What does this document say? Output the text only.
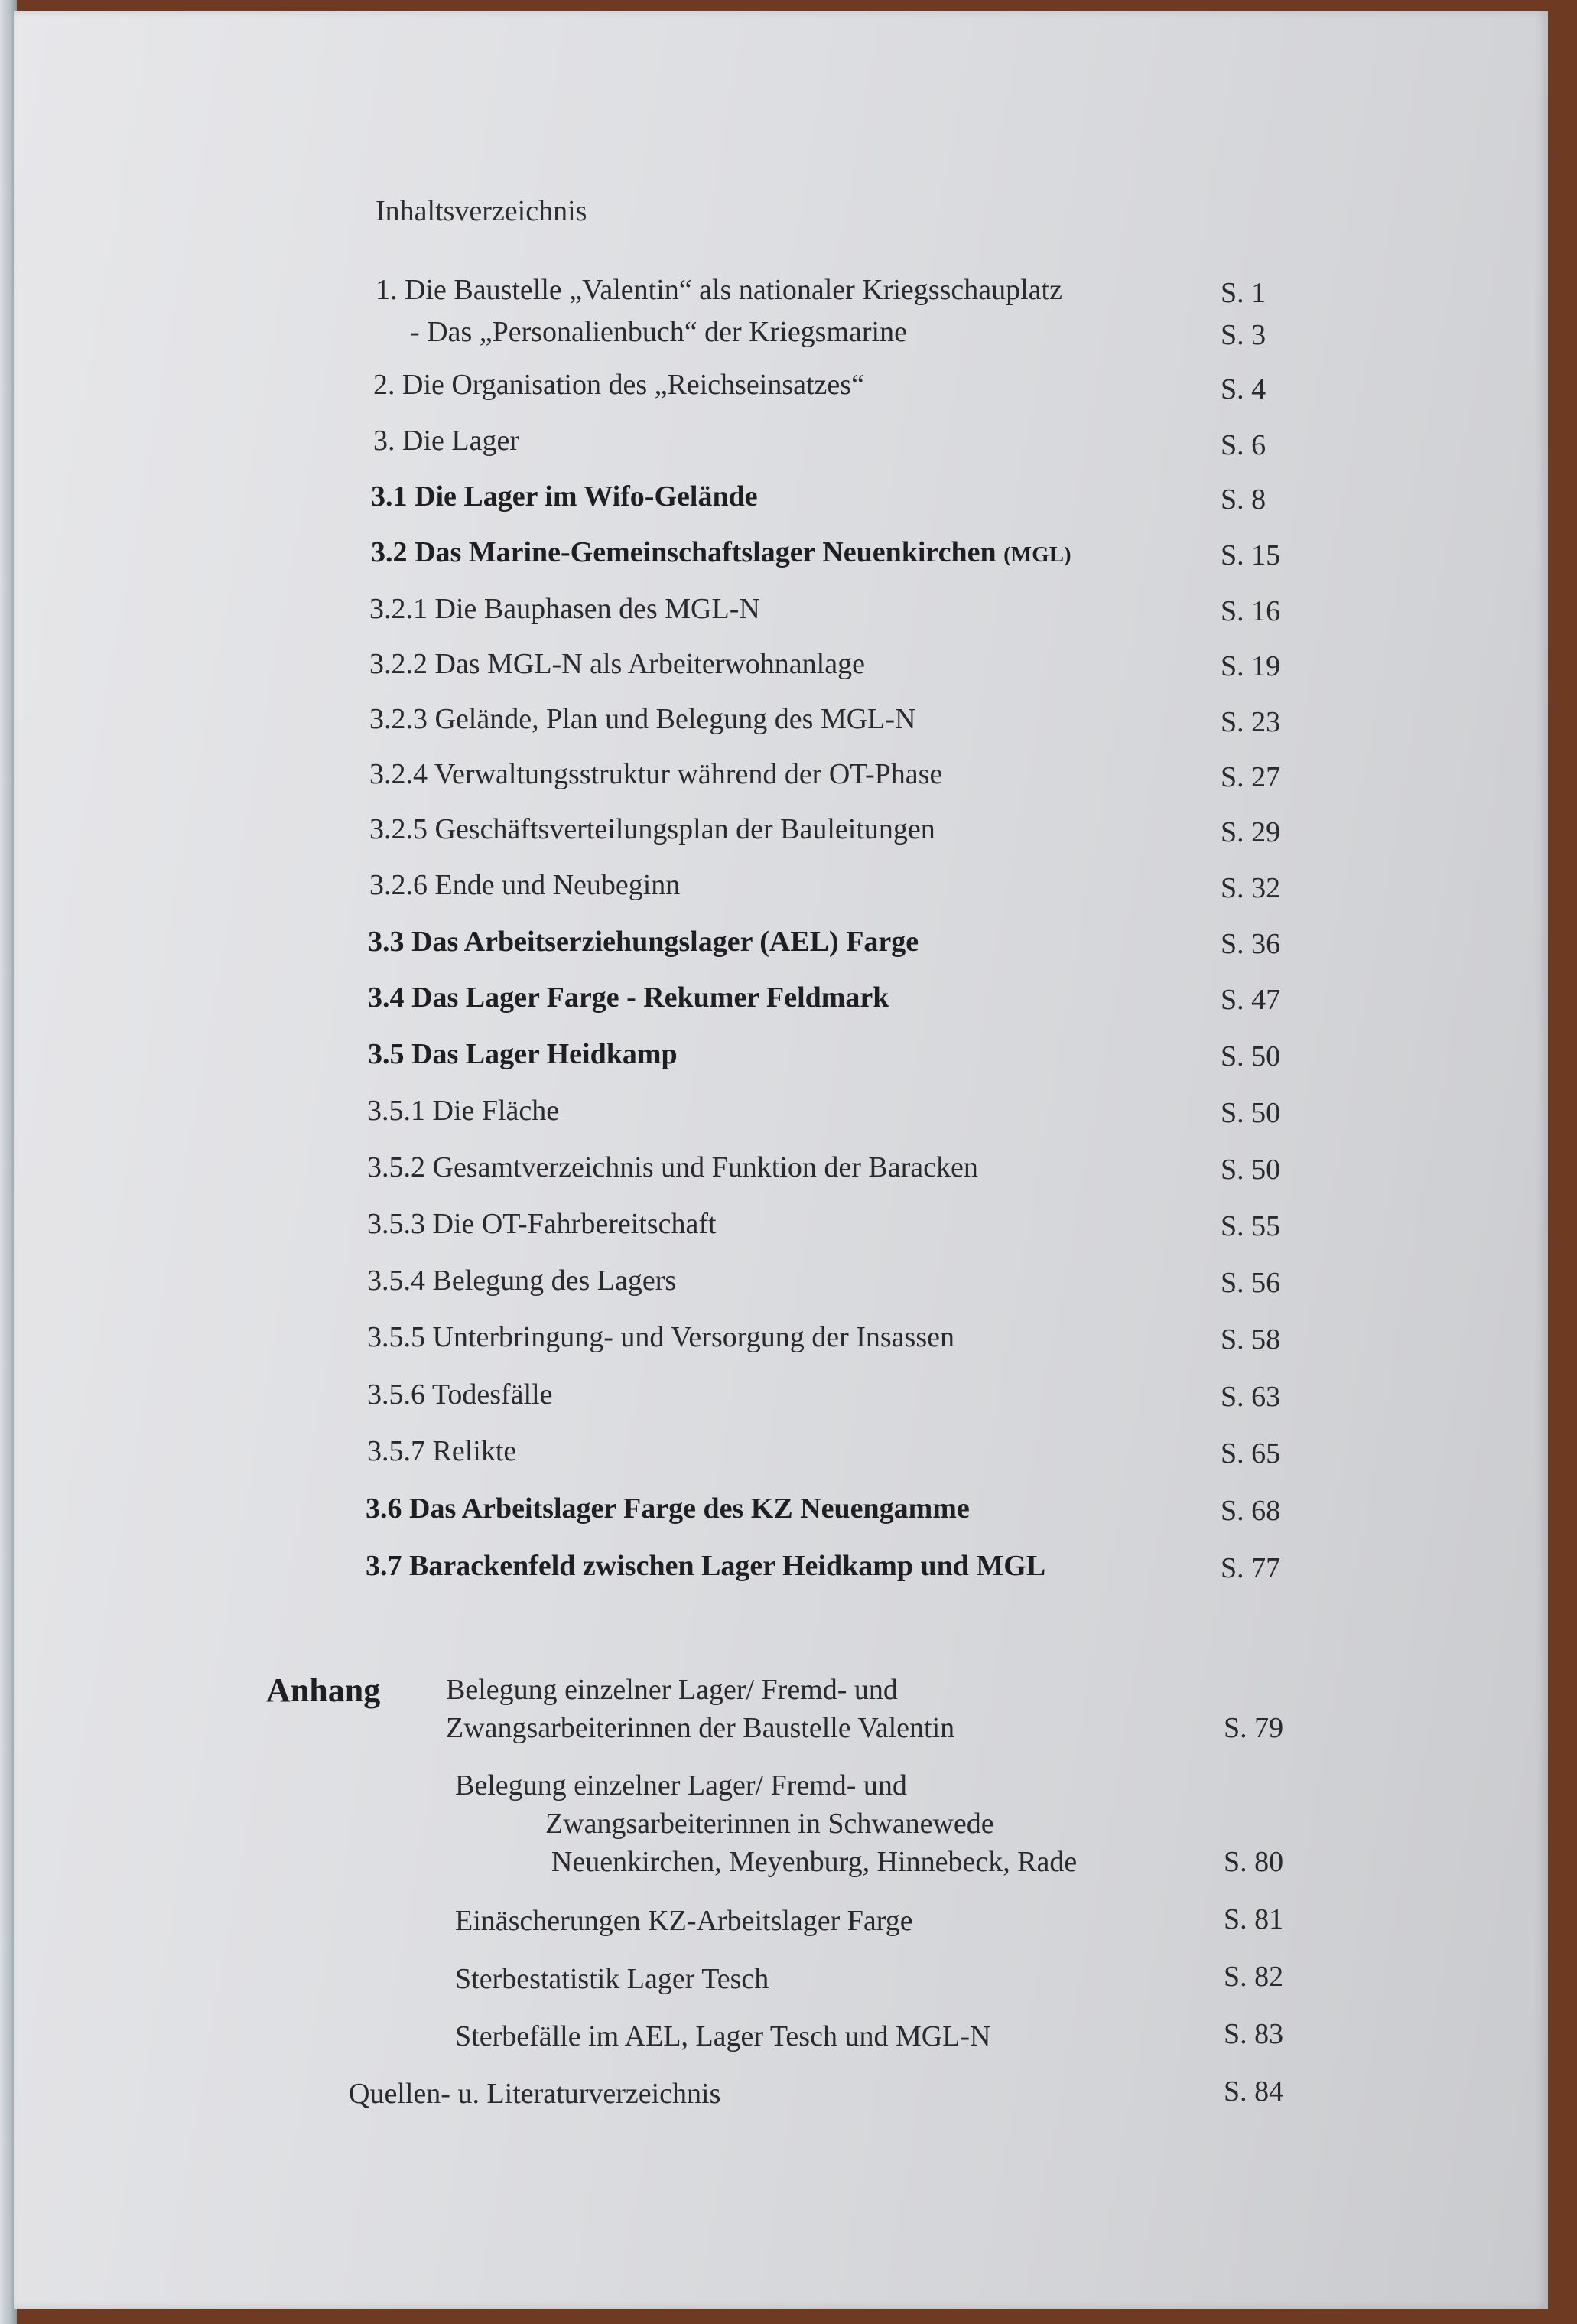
Inhaltsverzeichnis
1. Die Baustelle „Valentin“ als nationaler Kriegsschauplatz	S. 1
- Das „Personalienbuch“ der Kriegsmarine	S. 3
2. Die Organisation des „Reichseinsatzes“	S. 4
3. Die Lager	S. 6
3.1 Die Lager im Wifo-Gelände	S. 8
3.2 Das Marine-Gemeinschaftslager Neuenkirchen (MGL)	S. 15
3.2.1 Die Bauphasen des MGL-N	S. 16
3.2.2 Das MGL-N als Arbeiterwohnanlage	S. 19
3.2.3 Gelände, Plan und Belegung des MGL-N	S. 23
3.2.4 Verwaltungsstruktur während der OT-Phase	S. 27
3.2.5 Geschäftsverteilungsplan der Bauleitungen	S. 29
3.2.6 Ende und Neubeginn	S. 32
3.3 Das Arbeitserziehungslager (AEL) Farge	S. 36
3.4 Das Lager Farge - Rekumer Feldmark	S. 47
3.5 Das Lager Heidkamp	S. 50
3.5.1 Die Fläche	S. 50
3.5.2 Gesamtverzeichnis und Funktion der Baracken	S. 50
3.5.3 Die OT-Fahrbereitschaft	S. 55
3.5.4 Belegung des Lagers	S. 56
3.5.5 Unterbringung- und Versorgung der Insassen	S. 58
3.5.6 Todesfälle	S. 63
3.5.7 Relikte	S. 65
3.6 Das Arbeitslager Farge des KZ Neuengamme	S. 68
3.7 Barackenfeld zwischen Lager Heidkamp und MGL	S. 77
Anhang Belegung einzelner Lager/ Fremd- und
Zwangsarbeiterinnen der Baustelle Valentin	S. 79
Belegung einzelner Lager/ Fremd- und
Zwangsarbeiterinnen in Schwanewede
Neuenkirchen, Meyenburg, Hinnebeck, Rade	S. 80
Einäscherungen KZ-Arbeitslager Farge	S. 81
Sterbestatistik Lager Tesch	S. 82
Sterbefälle im AEL, Lager Tesch und MGL-N	S. 83
Quellen- u. Literaturverzeichnis	S. 84
